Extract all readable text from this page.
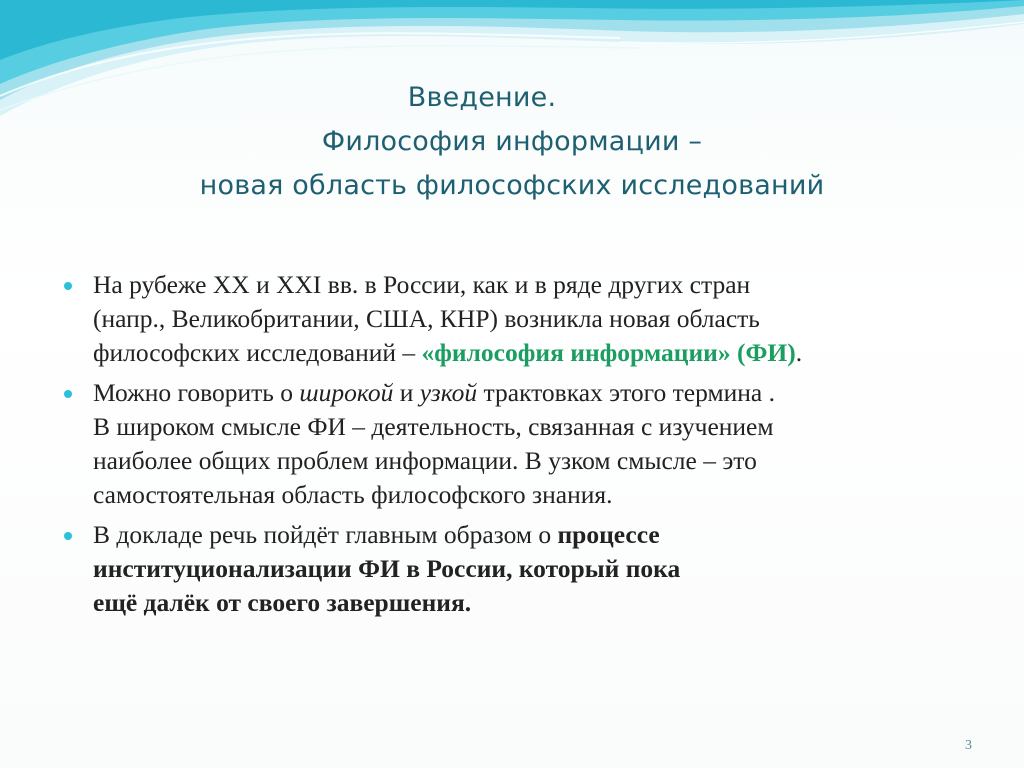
Введение.
Философия информации –
новая область философских исследований
На рубеже XX и XXI вв. в России, как и в ряде других стран
(напр., Великобритании, США, КНР) возникла новая область
философских исследований – «философия информации» (ФИ).
Можно говорить о широкой и узкой трактовках этого термина .
В широком смысле ФИ – деятельность, связанная с изучением
наиболее общих проблем информации. В узком смысле – это
самостоятельная область философского знания.
В докладе речь пойдёт главным образом о процессе
институционализации ФИ в России, который пока
ещё далёк от своего завершения.
3
